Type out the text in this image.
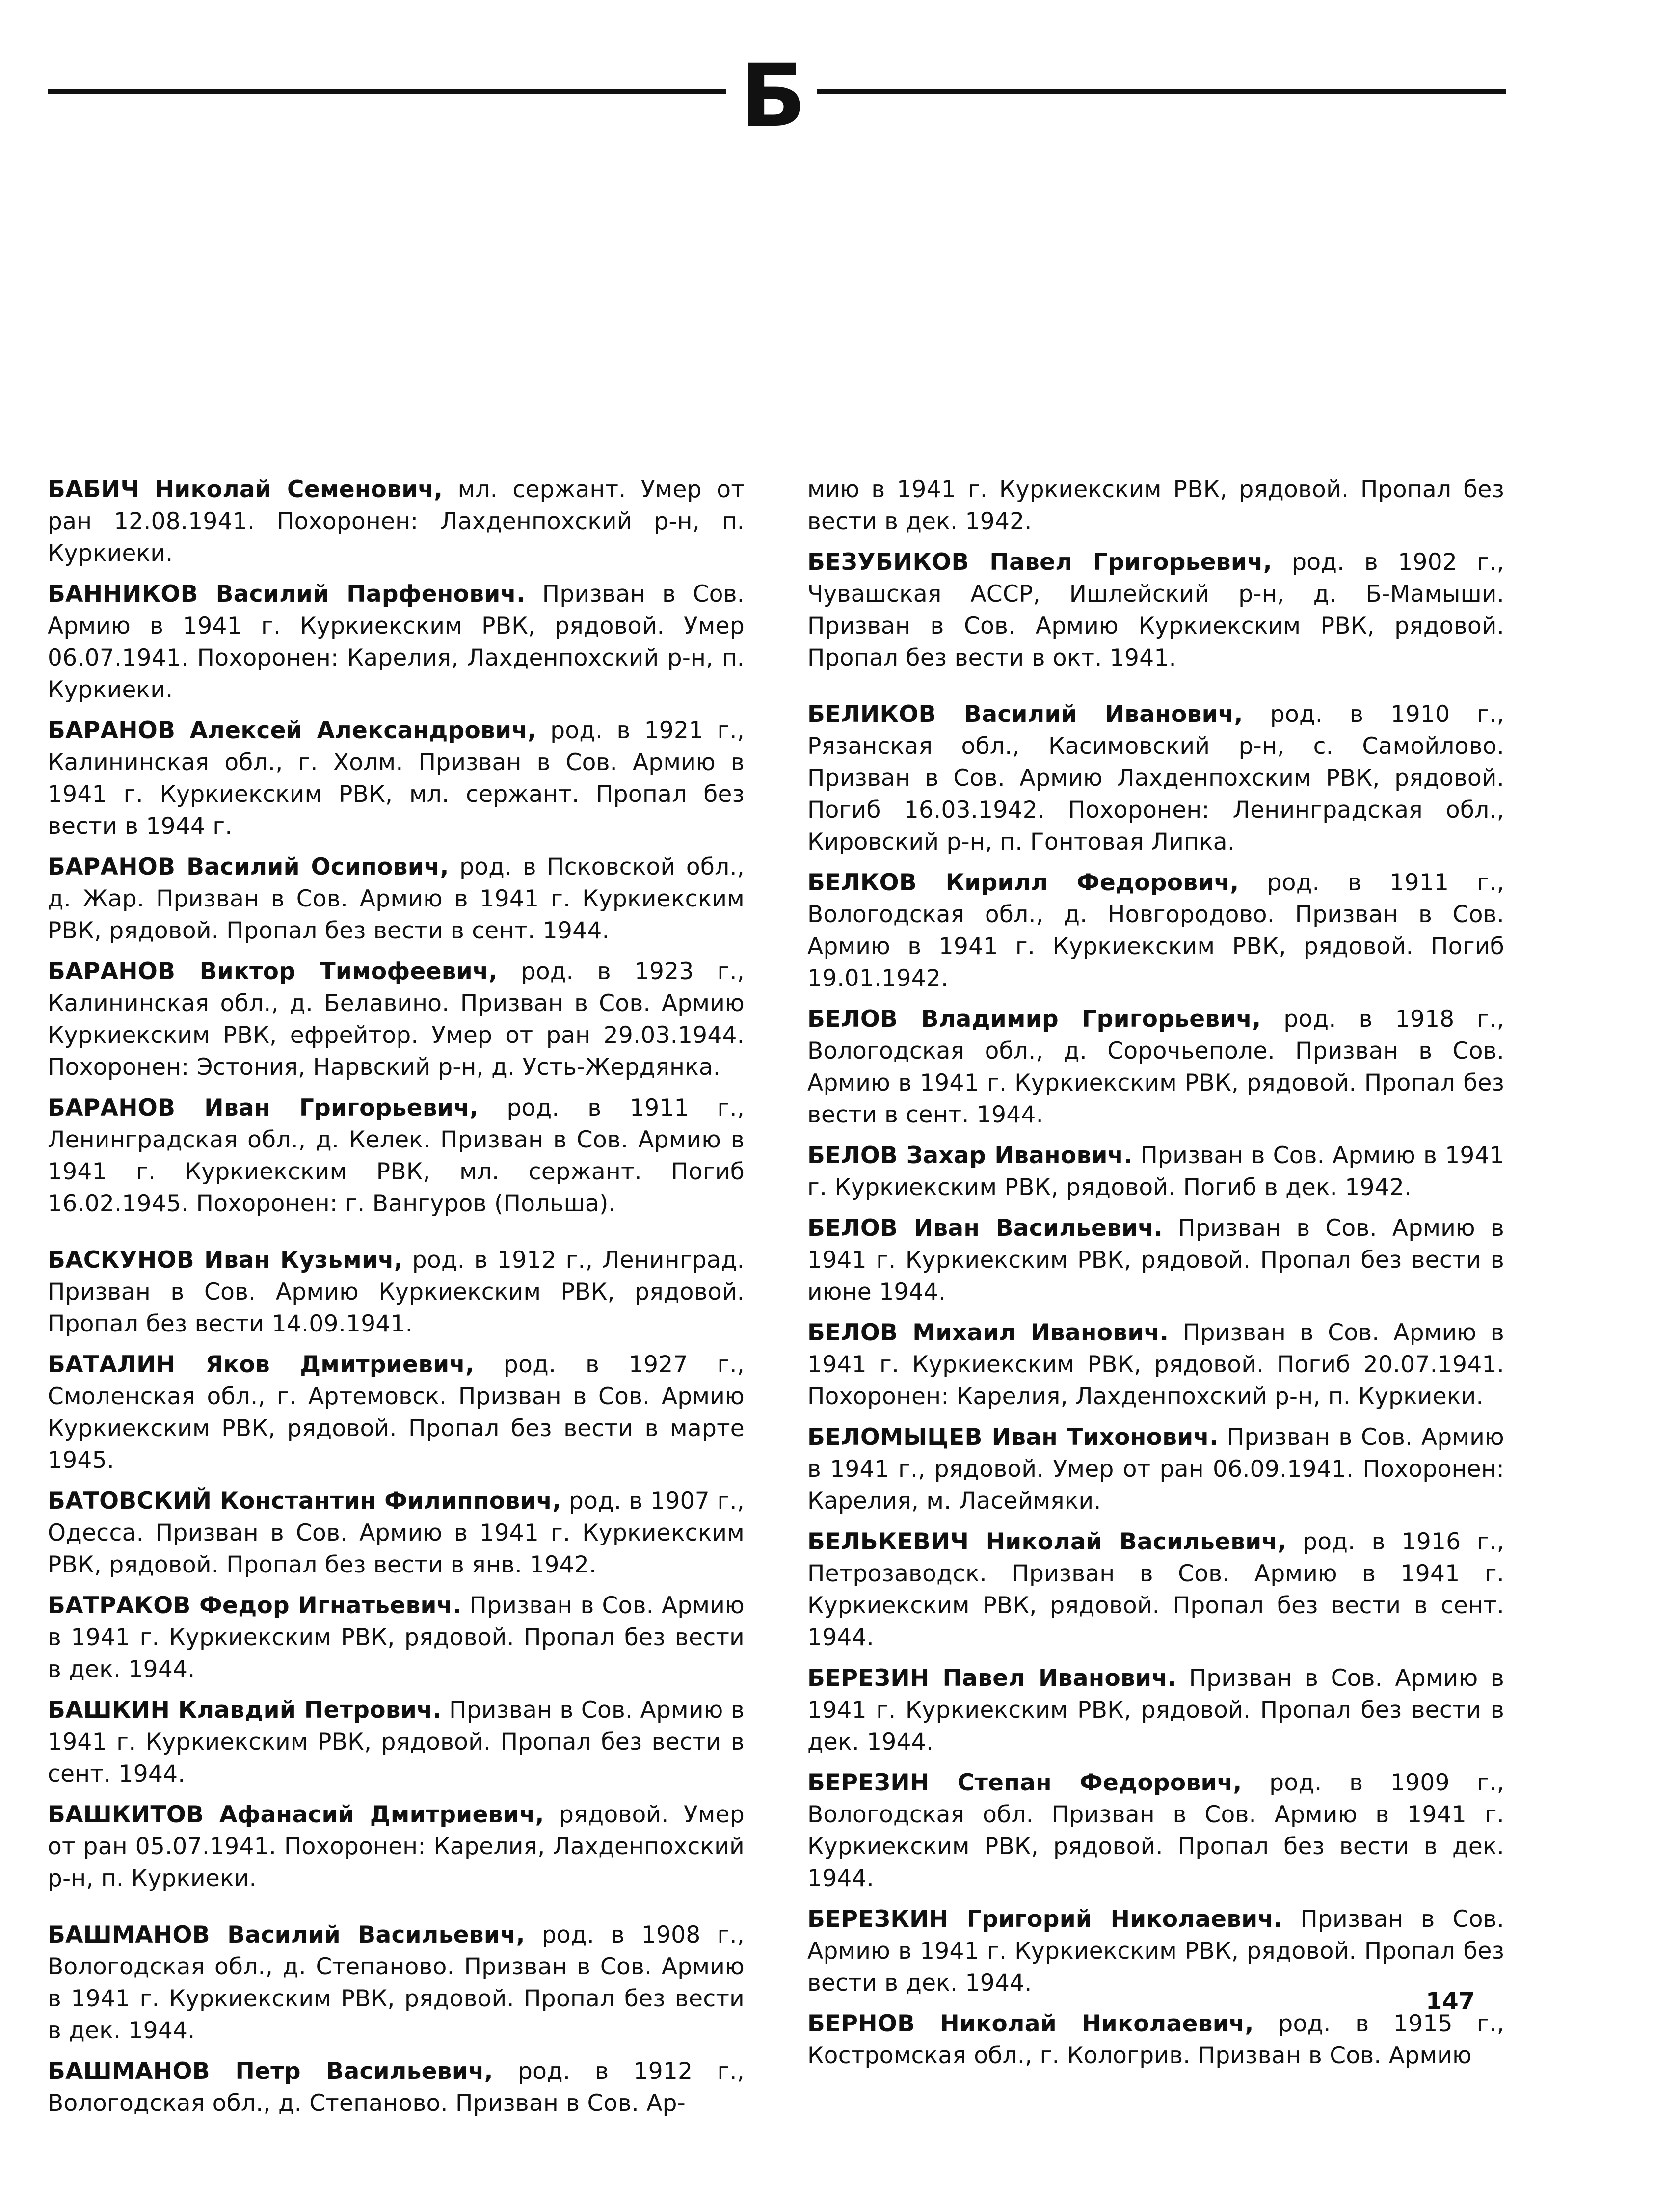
Б

БАБИЧ Николай Семенович, мл. сержант. Умер от ран 12.08.1941. Похоронен: Лахденпохский р-н, п. Куркиеки.

БАННИКОВ Василий Парфенович. Призван в Сов. Армию в 1941 г. Куркиекским РВК, рядовой. Умер 06.07.1941. Похоронен: Карелия, Лахденпохский р-н, п. Куркиеки.

БАРАНОВ Алексей Александрович, род. в 1921 г., Калининская обл., г. Холм. Призван в Сов. Армию в 1941 г. Куркиекским РВК, мл. сержант. Пропал без вести в 1944 г.

БАРАНОВ Василий Осипович, род. в Псковской обл., д. Жар. Призван в Сов. Армию в 1941 г. Куркиекским РВК, рядовой. Пропал без вести в сент. 1944.

БАРАНОВ Виктор Тимофеевич, род. в 1923 г., Калининская обл., д. Белавино. Призван в Сов. Армию Куркиекским РВК, ефрейтор. Умер от ран 29.03.1944. Похоронен: Эстония, Нарвский р-н, д. Усть-Жердянка.

БАРАНОВ Иван Григорьевич, род. в 1911 г., Ленинградская обл., д. Келек. Призван в Сов. Армию в 1941 г. Куркиекским РВК, мл. сержант. Погиб 16.02.1945. Похоронен: г. Вангуров (Польша).

БАСКУНОВ Иван Кузьмич, род. в 1912 г., Ленинград. Призван в Сов. Армию Куркиекским РВК, рядовой. Пропал без вести 14.09.1941.

БАТАЛИН Яков Дмитриевич, род. в 1927 г., Смоленская обл., г. Артемовск. Призван в Сов. Армию Куркиекским РВК, рядовой. Пропал без вести в марте 1945.

БАТОВСКИЙ Константин Филиппович, род. в 1907 г., Одесса. Призван в Сов. Армию в 1941 г. Куркиекским РВК, рядовой. Пропал без вести в янв. 1942.

БАТРАКОВ Федор Игнатьевич. Призван в Сов. Армию в 1941 г. Куркиекским РВК, рядовой. Пропал без вести в дек. 1944.

БАШКИН Клавдий Петрович. Призван в Сов. Армию в 1941 г. Куркиекским РВК, рядовой. Пропал без вести в сент. 1944.

БАШКИТОВ Афанасий Дмитриевич, рядовой. Умер от ран 05.07.1941. Похоронен: Карелия, Лахденпохский р-н, п. Куркиеки.

БАШМАНОВ Василий Васильевич, род. в 1908 г., Вологодская обл., д. Степаново. Призван в Сов. Армию в 1941 г. Куркиекским РВК, рядовой. Пропал без вести в дек. 1944.

БАШМАНОВ Петр Васильевич, род. в 1912 г., Вологодская обл., д. Степаново. Призван в Сов. Ар-

мию в 1941 г. Куркиекским РВК, рядовой. Пропал без вести в дек. 1942.

БЕЗУБИКОВ Павел Григорьевич, род. в 1902 г., Чувашская АССР, Ишлейский р-н, д. Б-Мамыши. Призван в Сов. Армию Куркиекским РВК, рядовой. Пропал без вести в окт. 1941.

БЕЛИКОВ Василий Иванович, род. в 1910 г., Рязанская обл., Касимовский р-н, с. Самойлово. Призван в Сов. Армию Лахденпохским РВК, рядовой. Погиб 16.03.1942. Похоронен: Ленинградская обл., Кировский р-н, п. Гонтовая Липка.

БЕЛКОВ Кирилл Федорович, род. в 1911 г., Вологодская обл., д. Новгородово. Призван в Сов. Армию в 1941 г. Куркиекским РВК, рядовой. Погиб 19.01.1942.

БЕЛОВ Владимир Григорьевич, род. в 1918 г., Вологодская обл., д. Сорочьеполе. Призван в Сов. Армию в 1941 г. Куркиекским РВК, рядовой. Пропал без вести в сент. 1944.

БЕЛОВ Захар Иванович. Призван в Сов. Армию в 1941 г. Куркиекским РВК, рядовой. Погиб в дек. 1942.

БЕЛОВ Иван Васильевич. Призван в Сов. Армию в 1941 г. Куркиекским РВК, рядовой. Пропал без вести в июне 1944.

БЕЛОВ Михаил Иванович. Призван в Сов. Армию в 1941 г. Куркиекским РВК, рядовой. Погиб 20.07.1941. Похоронен: Карелия, Лахденпохский р-н, п. Куркиеки.

БЕЛОМЫЦЕВ Иван Тихонович. Призван в Сов. Армию в 1941 г., рядовой. Умер от ран 06.09.1941. Похоронен: Карелия, м. Ласеймяки.

БЕЛЬКЕВИЧ Николай Васильевич, род. в 1916 г., Петрозаводск. Призван в Сов. Армию в 1941 г. Куркиекским РВК, рядовой. Пропал без вести в сент. 1944.

БЕРЕЗИН Павел Иванович. Призван в Сов. Армию в 1941 г. Куркиекским РВК, рядовой. Пропал без вести в дек. 1944.

БЕРЕЗИН Степан Федорович, род. в 1909 г., Вологодская обл. Призван в Сов. Армию в 1941 г. Куркиекским РВК, рядовой. Пропал без вести в дек. 1944.

БЕРЕЗКИН Григорий Николаевич. Призван в Сов. Армию в 1941 г. Куркиекским РВК, рядовой. Пропал без вести в дек. 1944.

БЕРНОВ Николай Николаевич, род. в 1915 г., Костромская обл., г. Кологрив. Призван в Сов. Армию

147
